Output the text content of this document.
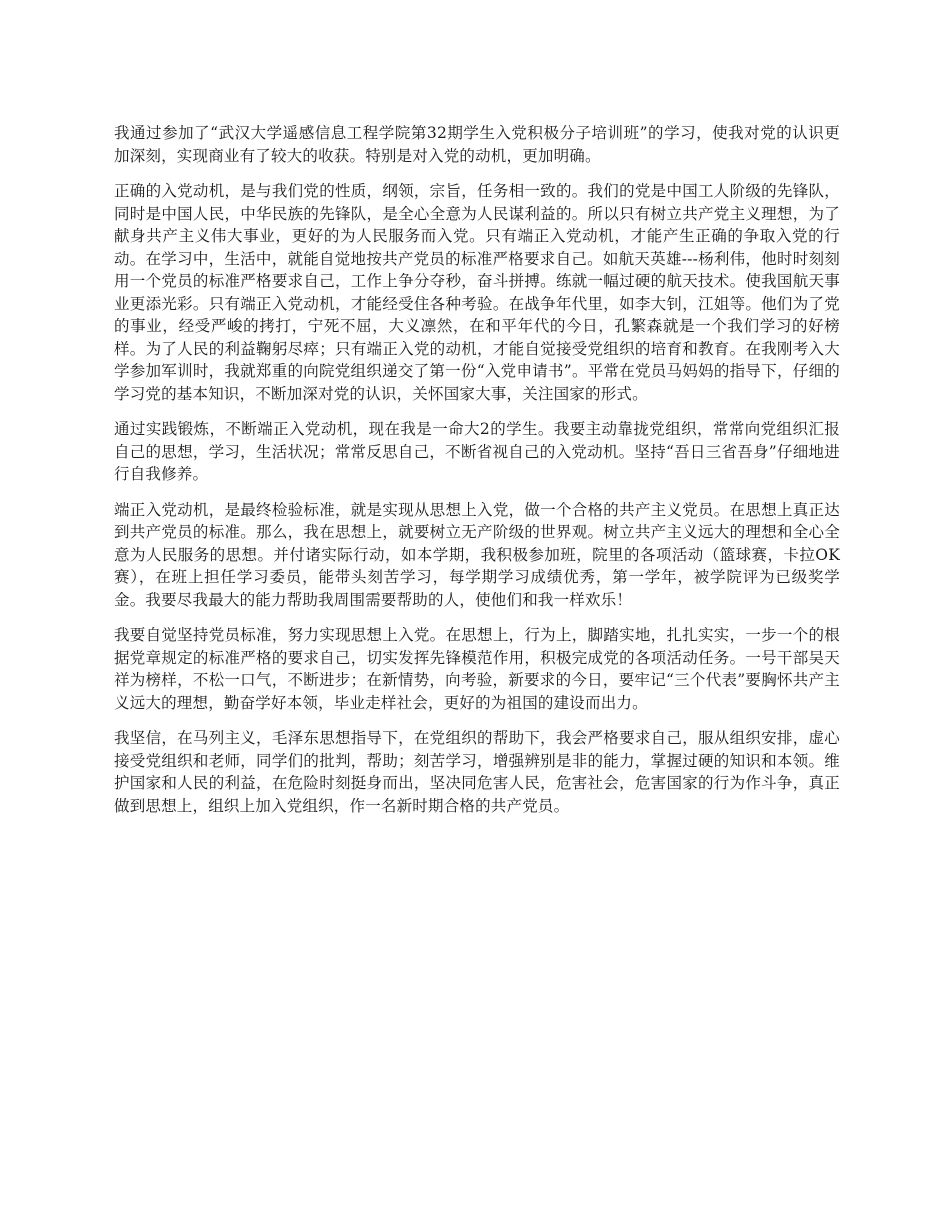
我通过参加了“武汉大学遥感信息工程学院第32期学生入党积极分子培训班”的学习，使我对党的认识更加深刻，实现商业有了较大的收获。特别是对入党的动机，更加明确。

正确的入党动机，是与我们党的性质，纲领，宗旨，任务相一致的。我们的党是中国工人阶级的先锋队，同时是中国人民，中华民族的先锋队，是全心全意为人民谋利益的。所以只有树立共产党主义理想，为了献身共产主义伟大事业，更好的为人民服务而入党。只有端正入党动机，才能产生正确的争取入党的行动。在学习中，生活中，就能自觉地按共产党员的标准严格要求自己。如航天英雄---杨利伟，他时时刻刻用一个党员的标准严格要求自己，工作上争分夺秒，奋斗拼搏。练就一幅过硬的航天技术。使我国航天事业更添光彩。只有端正入党动机，才能经受住各种考验。在战争年代里，如李大钊，江姐等。他们为了党的事业，经受严峻的拷打，宁死不屈，大义凛然，在和平年代的今日，孔繁森就是一个我们学习的好榜样。为了人民的利益鞠躬尽瘁；只有端正入党的动机，才能自觉接受党组织的培育和教育。在我刚考入大学参加军训时，我就郑重的向院党组织递交了第一份“入党申请书”。平常在党员马妈妈的指导下，仔细的学习党的基本知识，不断加深对党的认识，关怀国家大事，关注国家的形式。

通过实践锻炼，不断端正入党动机，现在我是一命大2的学生。我要主动靠拢党组织，常常向党组织汇报自己的思想，学习，生活状况；常常反思自己，不断省视自己的入党动机。坚持“吾日三省吾身”仔细地进行自我修养。

端正入党动机，是最终检验标准，就是实现从思想上入党，做一个合格的共产主义党员。在思想上真正达到共产党员的标准。那么，我在思想上，就要树立无产阶级的世界观。树立共产主义远大的理想和全心全意为人民服务的思想。并付诸实际行动，如本学期，我积极参加班，院里的各项活动（篮球赛，卡拉OK赛），在班上担任学习委员，能带头刻苦学习，每学期学习成绩优秀，第一学年，被学院评为已级奖学金。我要尽我最大的能力帮助我周围需要帮助的人，使他们和我一样欢乐！

我要自觉坚持党员标准，努力实现思想上入党。在思想上，行为上，脚踏实地，扎扎实实，一步一个的根据党章规定的标准严格的要求自己，切实发挥先锋模范作用，积极完成党的各项活动任务。一号干部吴天祥为榜样，不松一口气，不断进步；在新情势，向考验，新要求的今日，要牢记“三个代表”要胸怀共产主义远大的理想，勤奋学好本领，毕业走样社会，更好的为祖国的建设而出力。

我坚信，在马列主义，毛泽东思想指导下，在党组织的帮助下，我会严格要求自己，服从组织安排，虚心接受党组织和老师，同学们的批判，帮助；刻苦学习，增强辨别是非的能力，掌握过硬的知识和本领。维护国家和人民的利益，在危险时刻挺身而出，坚决同危害人民，危害社会，危害国家的行为作斗争，真正做到思想上，组织上加入党组织，作一名新时期合格的共产党员。
